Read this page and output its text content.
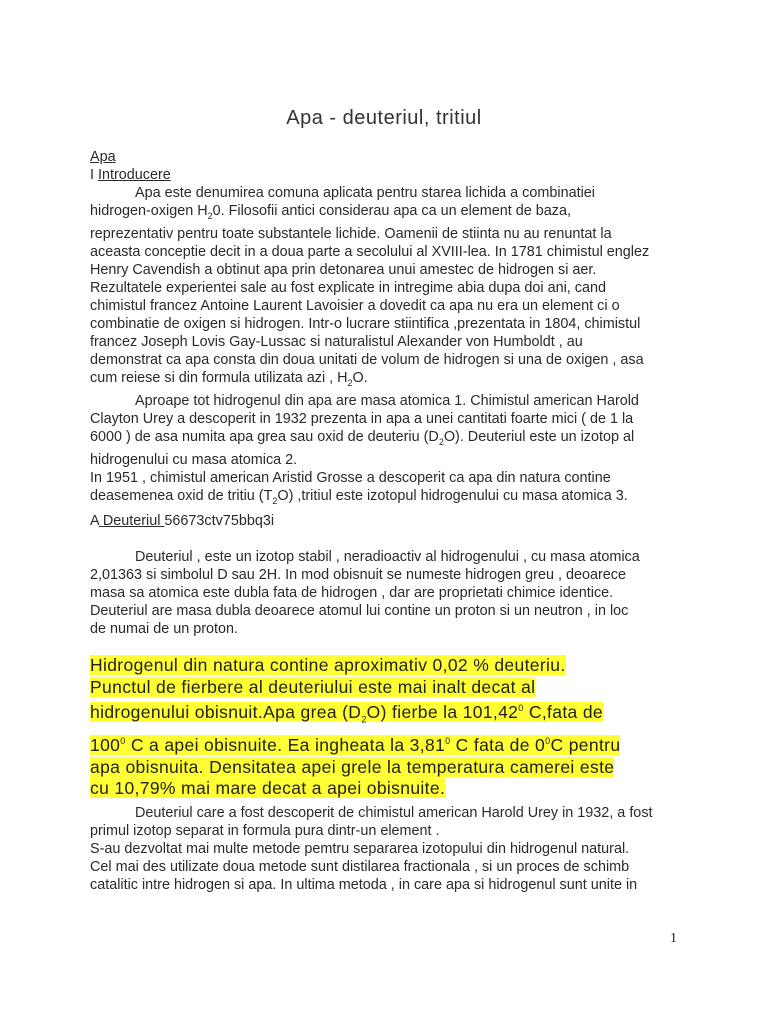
Apa - deuteriul, tritiul
Apa
I Introducere
Apa este denumirea comuna aplicata pentru starea lichida a combinatiei
hidrogen-oxigen $H_20$. Filosofii antici considerau apa ca un element de baza,
reprezentativ pentru toate substantele lichide. Oamenii de stiinta nu au renuntat la
aceasta conceptie decit in a doua parte a secolului al XVIII-lea. In 1781 chimistul englez
Henry Cavendish a obtinut apa prin detonarea unui amestec de hidrogen si aer.
Rezultatele experientei sale au fost explicate in intregime abia dupa doi ani, cand
chimistul francez Antoine Laurent Lavoisier a dovedit ca apa nu era un element ci o
combinatie de oxigen si hidrogen. Intr-o lucrare stiintifica ,prezentata in 1804, chimistul
francez Joseph Lovis Gay-Lussac si naturalistul Alexander von Humboldt , au
demonstrat ca apa consta din doua unitati de volum de hidrogen si una de oxigen , asa
cum reiese si din formula utilizata azi , $H_2O$.
Aproape tot hidrogenul din apa are masa atomica 1. Chimistul american Harold
Clayton Urey a descoperit in 1932 prezenta in apa a unei cantitati foarte mici ( de 1 la
6000 ) de asa numita apa grea sau oxid de deuteriu $(D_2O)$. Deuteriul este un izotop al
hidrogenului cu masa atomica 2.
In 1951 , chimistul american Aristid Grosse a descoperit ca apa din natura contine
deasemenea oxid de tritiu $(T_2O)$ ,tritiul este izotopul hidrogenului cu masa atomica 3.
A Deuteriul 56673ctv75bbq3i
Deuteriul , este un izotop stabil , neradioactiv al hidrogenului , cu masa atomica
2,01363 si simbolul D sau 2H. In mod obisnuit se numeste hidrogen greu , deoarece
masa sa atomica este dubla fata de hidrogen , dar are proprietati chimice identice.
Deuteriul are masa dubla deoarece atomul lui contine un proton si un neutron , in loc
de numai de un proton.
Hidrogenul din natura contine aproximativ 0,02 % deuteriu.
Punctul de fierbere al deuteriului este mai inalt decat al
hidrogenului obisnuit.Apa grea $(D_2O)$ fierbe la 101,42$^0$ C,fata de
$100^0$ C a apei obisnuite. Ea ingheata la 3,81$^0$ C fata de $0^0C$ pentru
apa obisnuita. Densitatea apei grele la temperatura camerei este
cu 10,79% mai mare decat a apei obisnuite.
Deuteriul care a fost descoperit de chimistul american Harold Urey in 1932, a fost
primul izotop separat in formula pura dintr-un element .
S-au dezvoltat mai multe metode pemtru separarea izotopului din hidrogenul natural.
Cel mai des utilizate doua metode sunt distilarea fractionala , si un proces de schimb
catalitic intre hidrogen si apa. In ultima metoda , in care apa si hidrogenul sunt unite in
1
